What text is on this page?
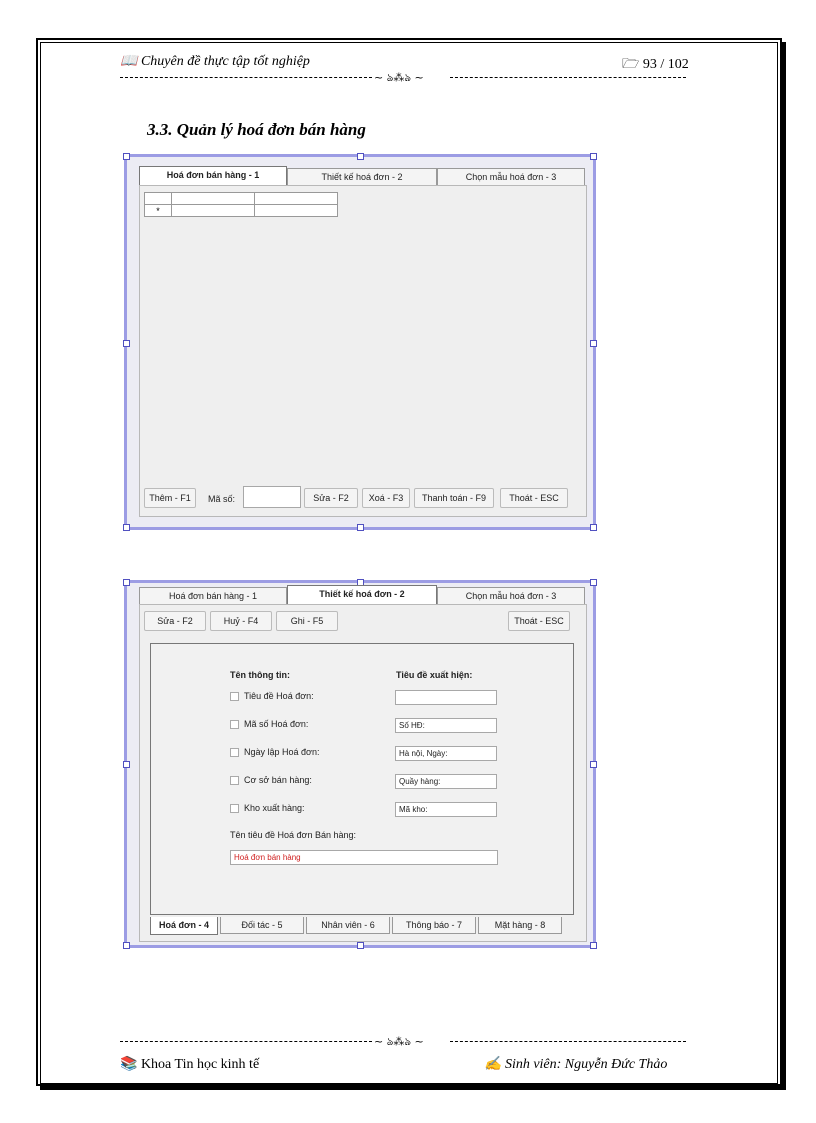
📖 Chuyên đề thực tập tốt nghiệp	🗁 93 / 102
~ ঌ⁂ঌ ~
3.3. Quản lý hoá đơn bán hàng
Hoá đơn bán hàng - 1	Thiết kế hoá đơn - 2	Chọn mẫu hoá đơn - 3

*		
Thêm - F1	Mã số:	Sửa - F2	Xoá - F3	Thanh toán - F9	Thoát - ESC
Hoá đơn bán hàng - 1	Thiết kế hoá đơn - 2	Chọn mẫu hoá đơn - 3
Sửa - F2	Huỷ - F4	Ghi - F5	Thoát - ESC
Tên thông tin:	Tiêu đề xuất hiện:
Tiêu đề Hoá đơn:
Mã số Hoá đơn:	Số HĐ:
Ngày lập Hoá đơn:	Hà nội, Ngày:
Cơ sở bán hàng:	Quầy hàng:
Kho xuất hàng:	Mã kho:
Tên tiêu đề Hoá đơn Bán hàng:
Hoá đơn bán hàng
Hoá đơn - 4	Đối tác - 5	Nhân viên - 6	Thông báo - 7	Mặt hàng - 8
~ ঌ⁂ঌ ~
📚 Khoa Tin học kinh tế	✍ Sinh viên: Nguyễn Đức Thảo
